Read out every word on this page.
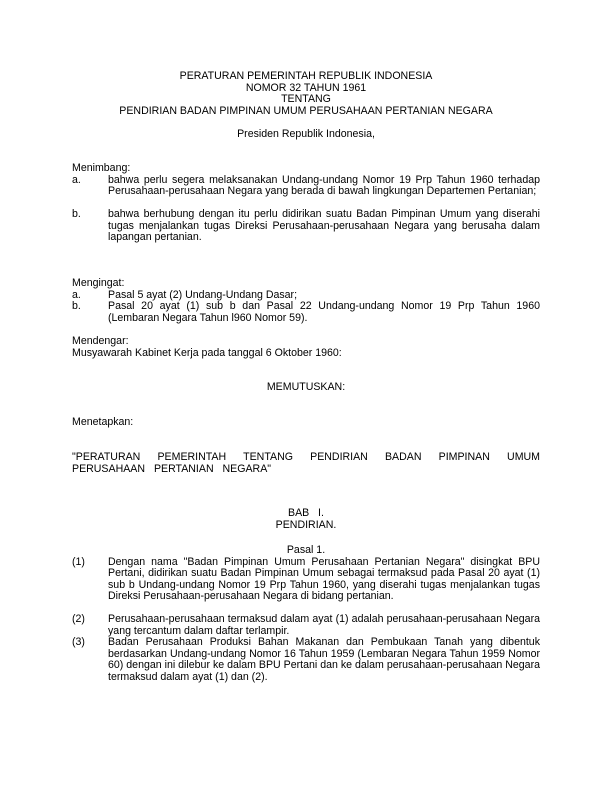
PERATURAN PEMERINTAH REPUBLIK INDONESIA
NOMOR 32 TAHUN 1961
TENTANG
PENDIRIAN BADAN PIMPINAN UMUM PERUSAHAAN PERTANIAN NEGARA
Presiden Republik Indonesia,
Menimbang:
a.	bahwa perlu segera melaksanakan Undang-undang Nomor 19 Prp Tahun 1960 terhadap Perusahaan-perusahaan Negara yang berada di bawah lingkungan Departemen Pertanian;
b.	bahwa berhubung dengan itu perlu didirikan suatu Badan Pimpinan Umum yang diserahi tugas menjalankan tugas Direksi Perusahaan-perusahaan Negara yang berusaha dalam lapangan pertanian.
Mengingat:
a.	Pasal 5 ayat (2) Undang-Undang Dasar;
b.	Pasal 20 ayat (1) sub b dan Pasal 22 Undang-undang Nomor 19 Prp Tahun 1960 (Lembaran Negara Tahun l960 Nomor 59).
Mendengar:
Musyawarah Kabinet Kerja pada tanggal 6 Oktober 1960:
MEMUTUSKAN:
Menetapkan:
"PERATURAN PEMERINTAH TENTANG PENDIRIAN BADAN PIMPINAN UMUM PERUSAHAAN PERTANIAN NEGARA"
BAB   I.
PENDIRIAN.
Pasal 1.
(1) Dengan nama "Badan Pimpinan Umum Perusahaan Pertanian Negara" disingkat BPU Pertani, didirikan suatu Badan Pimpinan Umum sebagai termaksud pada Pasal 20 ayat (1) sub b Undang-undang Nomor 19 Prp Tahun 1960, yang diserahi tugas menjalankan tugas Direksi Perusahaan-perusahaan Negara di bidang pertanian.
(2) Perusahaan-perusahaan termaksud dalam ayat (1) adalah perusahaan-perusahaan Negara yang tercantum dalam daftar terlampir.
(3) Badan Perusahaan Produksi Bahan Makanan dan Pembukaan Tanah yang dibentuk berdasarkan Undang-undang Nomor 16 Tahun 1959 (Lembaran Negara Tahun 1959 Nomor 60) dengan ini dilebur ke dalam BPU Pertani dan ke dalam perusahaan-perusahaan Negara termaksud dalam ayat (1) dan (2).
